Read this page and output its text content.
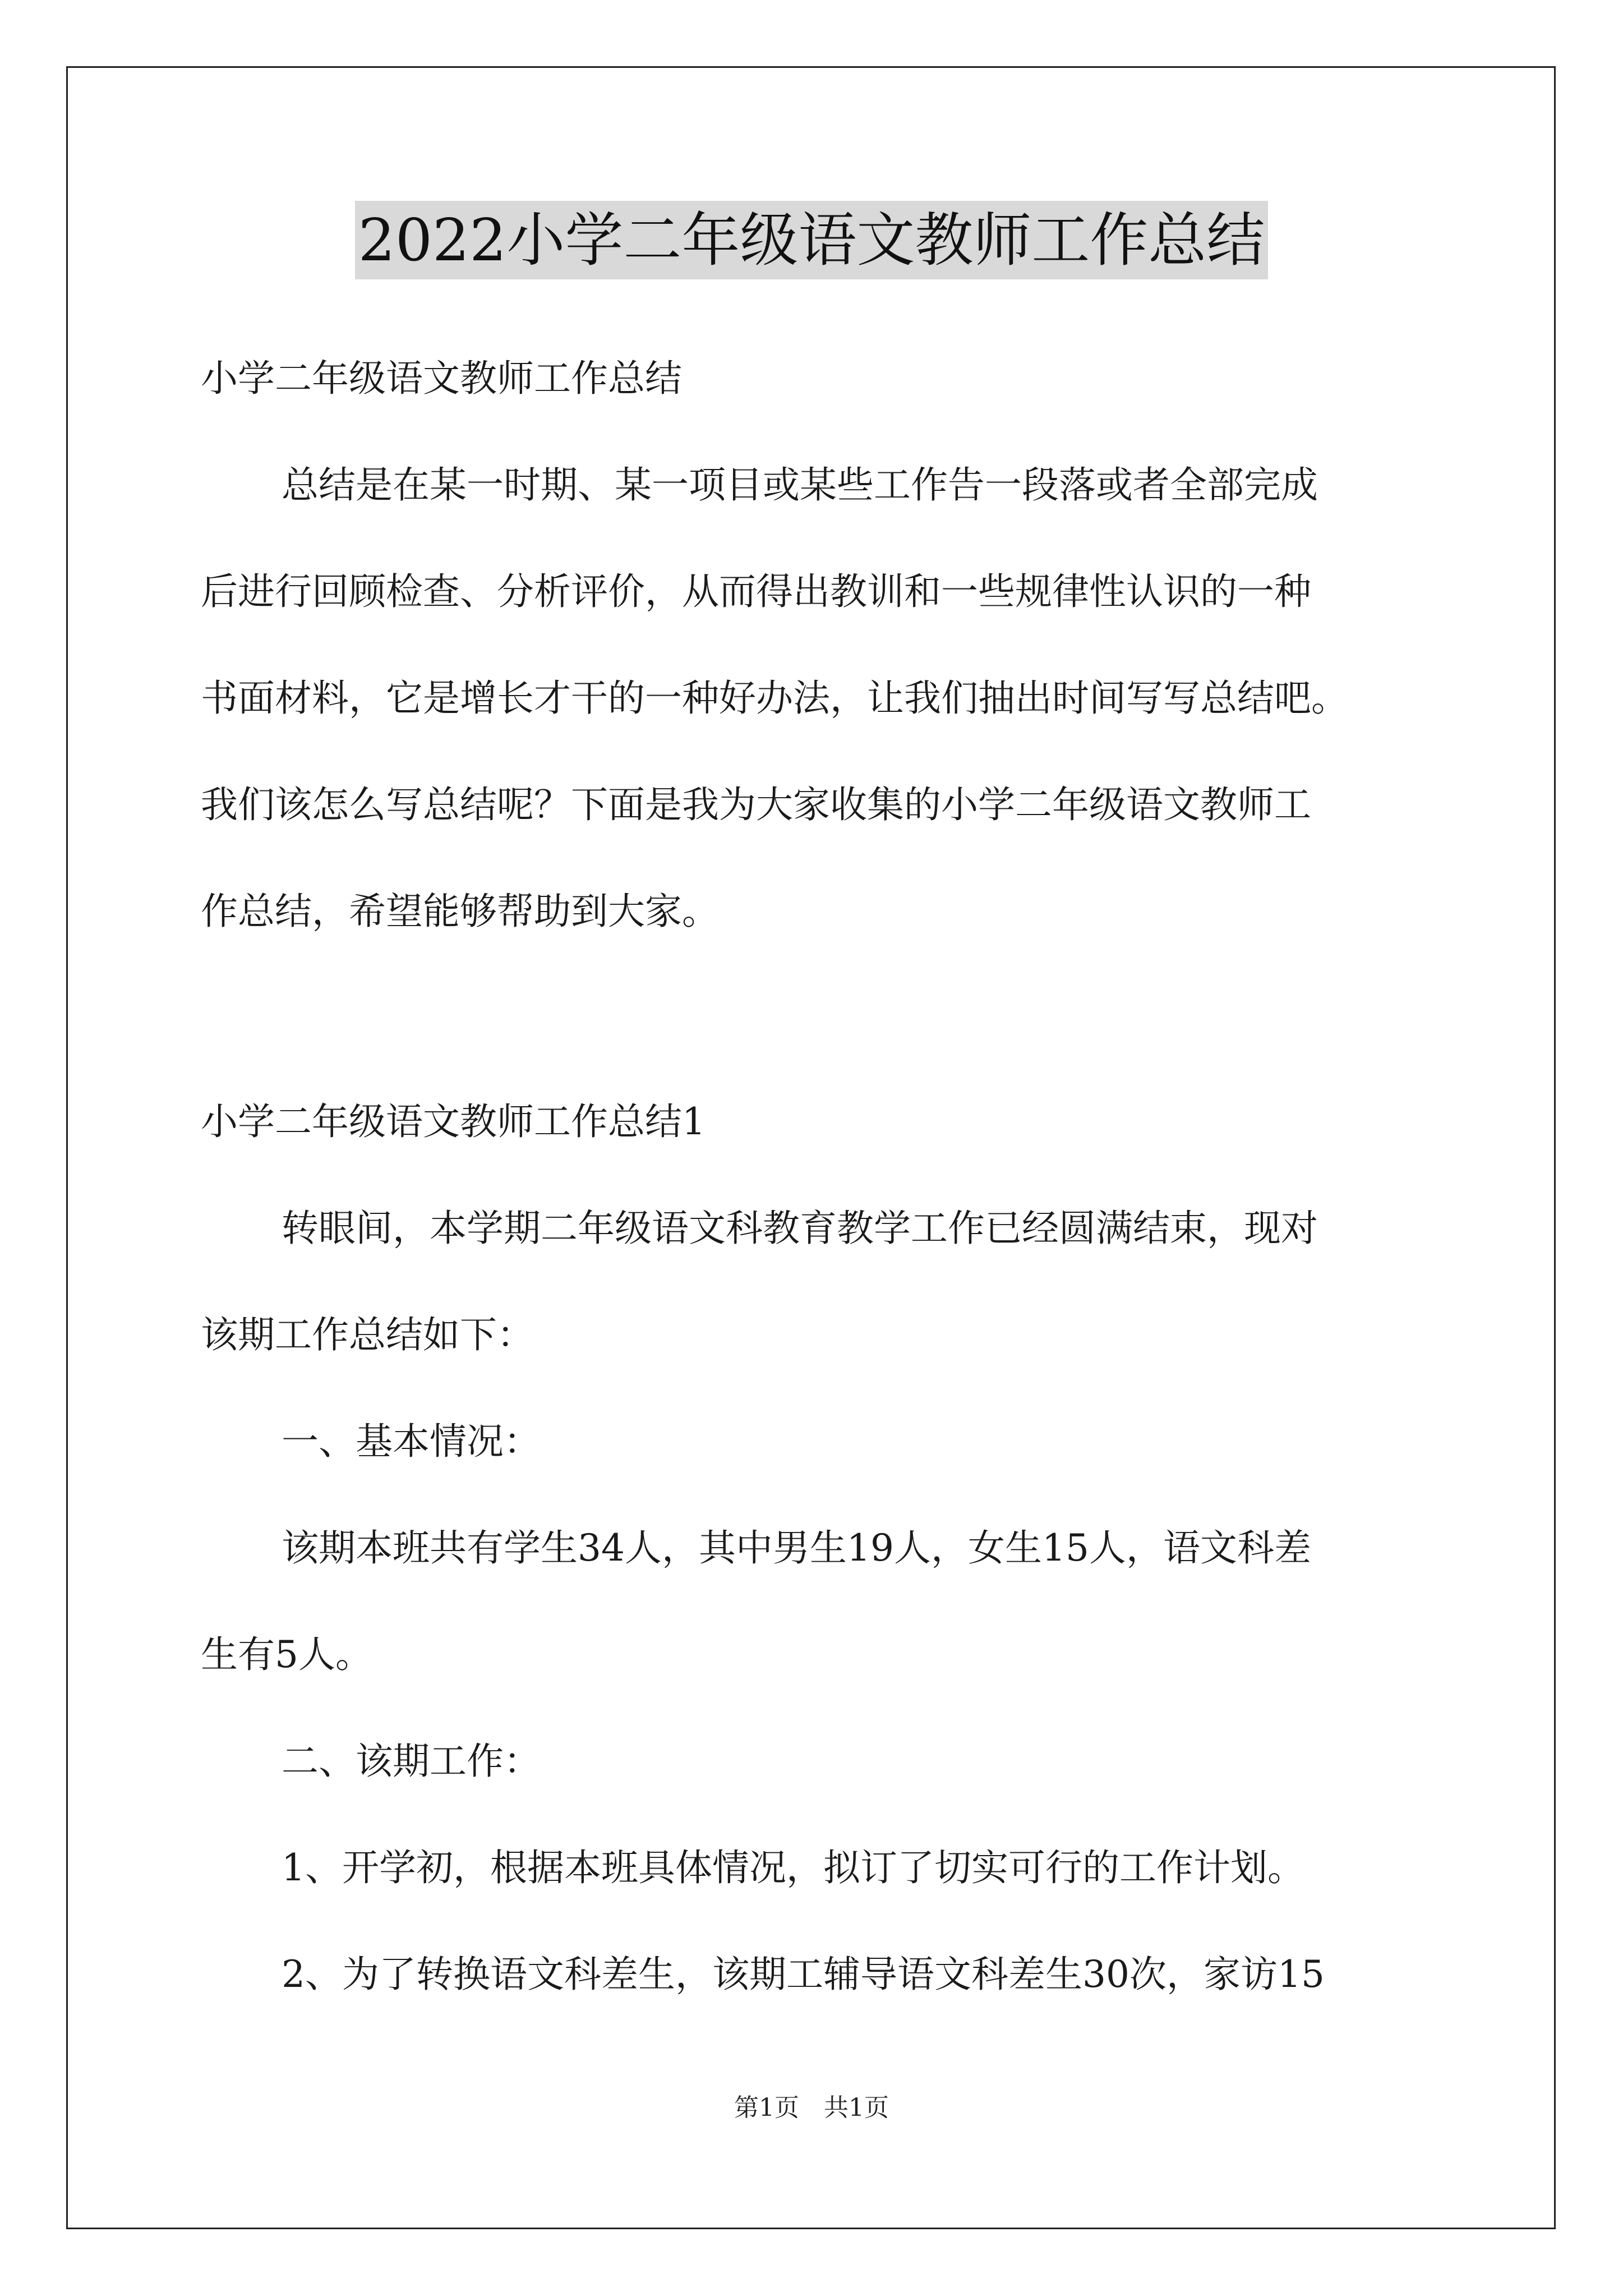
2022小学二年级语文教师工作总结
小学二年级语文教师工作总结
总结是在某一时期、某一项目或某些工作告一段落或者全部完成
后进行回顾检查、分析评价，从而得出教训和一些规律性认识的一种
书面材料，它是增长才干的一种好办法，让我们抽出时间写写总结吧。
我们该怎么写总结呢？下面是我为大家收集的小学二年级语文教师工
作总结，希望能够帮助到大家。
小学二年级语文教师工作总结1
转眼间，本学期二年级语文科教育教学工作已经圆满结束，现对
该期工作总结如下：
一、基本情况：
该期本班共有学生34人，其中男生19人，女生15人，语文科差
生有5人。
二、该期工作：
1、开学初，根据本班具体情况，拟订了切实可行的工作计划。
2、为了转换语文科差生，该期工辅导语文科差生30次，家访15
第1页　共1页
